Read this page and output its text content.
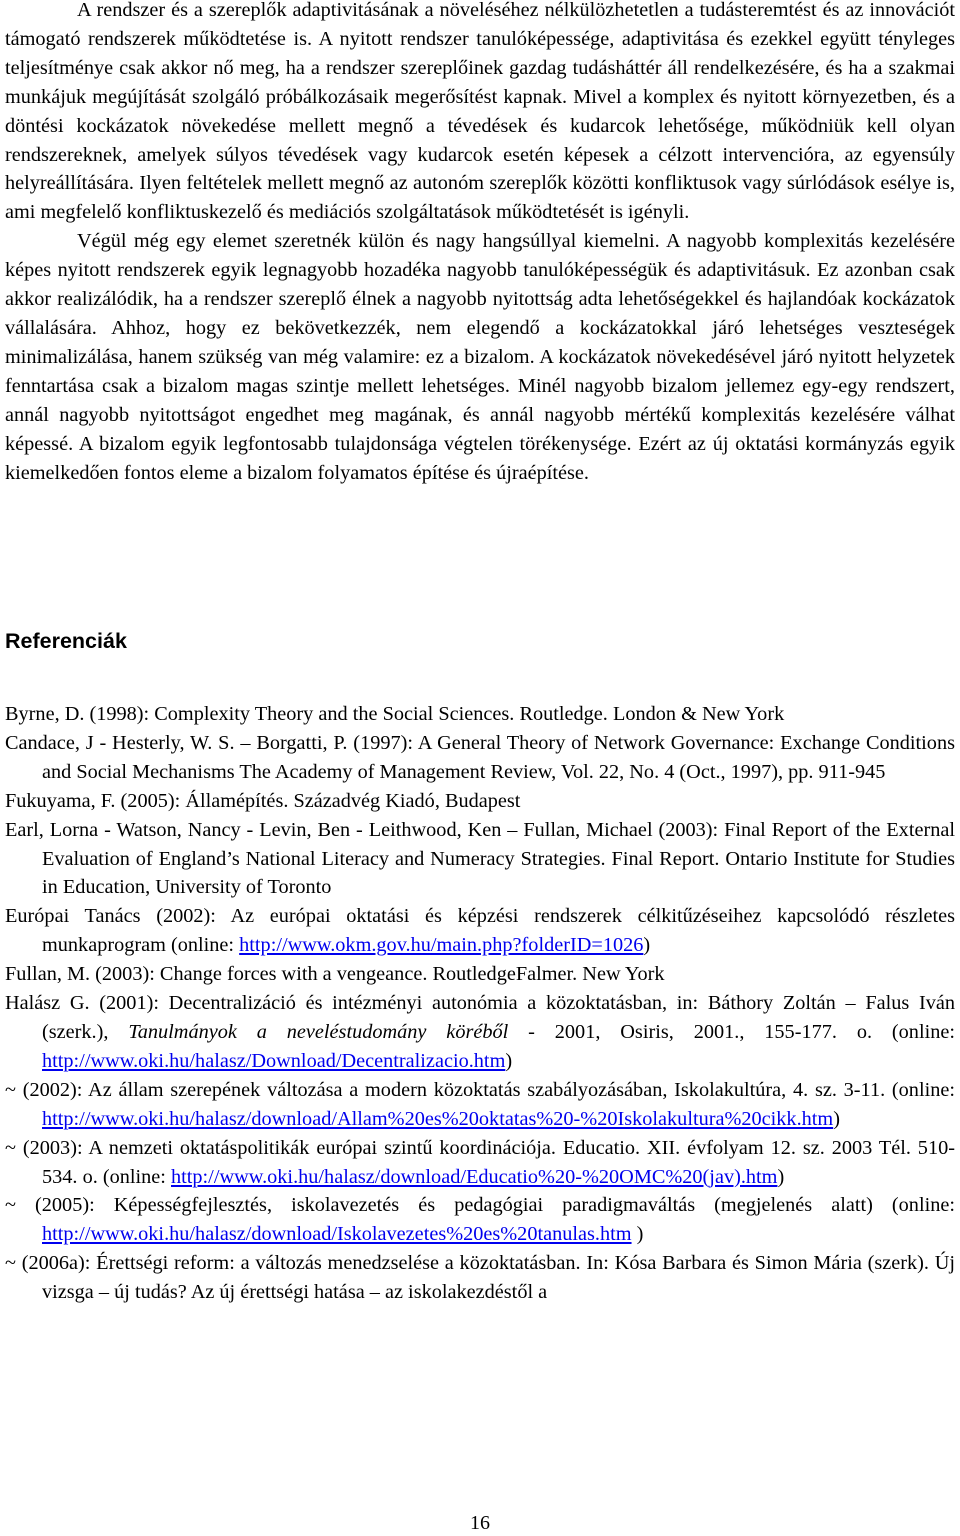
A rendszer és a szereplők adaptivitásának a növeléséhez nélkülözhetetlen a tudásteremtést és az innovációt támogató rendszerek működtetése is. A nyitott rendszer tanulóképessége, adaptivitása és ezekkel együtt tényleges teljesítménye csak akkor nő meg, ha a rendszer szereplőinek gazdag tudásháttér áll rendelkezésére, és ha a szakmai munkájuk megújítását szolgáló próbálkozásaik megerősítést kapnak. Mivel a komplex és nyitott környezetben, és a döntési kockázatok növekedése mellett megnő a tévedések és kudarcok lehetősége, működniük kell olyan rendszereknek, amelyek súlyos tévedések vagy kudarcok esetén képesek a célzott intervencióra, az egyensúly helyreállítására. Ilyen feltételek mellett megnő az autonóm szereplők közötti konfliktusok vagy súrlódások esélye is, ami megfelelő konfliktuskezelő és mediációs szolgáltatások működtetését is igényli.

Végül még egy elemet szeretnék külön és nagy hangsúllyal kiemelni. A nagyobb komplexitás kezelésére képes nyitott rendszerek egyik legnagyobb hozadéka nagyobb tanulóképességük és adaptivitásuk. Ez azonban csak akkor realizálódik, ha a rendszer szereplő élnek a nagyobb nyitottság adta lehetőségekkel és hajlandóak kockázatok vállalására. Ahhoz, hogy ez bekövetkezzék, nem elegendő a kockázatokkal járó lehetséges veszteségek minimalizálása, hanem szükség van még valamire: ez a bizalom. A kockázatok növekedésével járó nyitott helyzetek fenntartása csak a bizalom magas szintje mellett lehetséges. Minél nagyobb bizalom jellemez egy-egy rendszert, annál nagyobb nyitottságot engedhet meg magának, és annál nagyobb mértékű komplexitás kezelésére válhat képessé. A bizalom egyik legfontosabb tulajdonsága végtelen törékenysége. Ezért az új oktatási kormányzás egyik kiemelkedően fontos eleme a bizalom folyamatos építése és újraépítése.

Referenciák
Byrne, D. (1998): Complexity Theory and the Social Sciences. Routledge. London & New York
Candace, J - Hesterly, W. S. – Borgatti, P. (1997): A General Theory of Network Governance: Exchange Conditions and Social Mechanisms The Academy of Management Review, Vol. 22, No. 4 (Oct., 1997), pp. 911-945
Fukuyama, F. (2005): Államépítés. Századvég Kiadó, Budapest
Earl, Lorna - Watson, Nancy - Levin, Ben - Leithwood, Ken – Fullan, Michael (2003): Final Report of the External Evaluation of England’s National Literacy and Numeracy Strategies. Final Report. Ontario Institute for Studies in Education, University of Toronto
Európai Tanács (2002): Az európai oktatási és képzési rendszerek célkitűzéseihez kapcsolódó részletes munkaprogram (online: http://www.okm.gov.hu/main.php?folderID=1026)
Fullan, M. (2003): Change forces with a vengeance. RoutledgeFalmer. New York
Halász G. (2001): Decentralizáció és intézményi autonómia a közoktatásban, in: Báthory Zoltán – Falus Iván (szerk.), Tanulmányok a neveléstudomány köréből - 2001, Osiris, 2001., 155-177. o. (online: http://www.oki.hu/halasz/Download/Decentralizacio.htm)
~ (2002): Az állam szerepének változása a modern közoktatás szabályozásában, Iskolakultúra, 4. sz. 3-11. (online: http://www.oki.hu/halasz/download/Allam%20es%20oktatas%20-%20Iskolakultura%20cikk.htm)
~ (2003): A nemzeti oktatáspolitikák európai szintű koordinációja. Educatio. XII. évfolyam 12. sz. 2003 Tél. 510-534. o. (online: http://www.oki.hu/halasz/download/Educatio%20-%20OMC%20(jav).htm)
~ (2005): Képességfejlesztés, iskolavezetés és pedagógiai paradigmaváltás (megjelenés alatt) (online: http://www.oki.hu/halasz/download/Iskolavezetes%20es%20tanulas.htm )
~ (2006a): Érettségi reform: a változás menedzselése a közoktatásban. In: Kósa Barbara és Simon Mária (szerk). Új vizsga – új tudás? Az új érettségi hatása – az iskolakezdéstől a
16
